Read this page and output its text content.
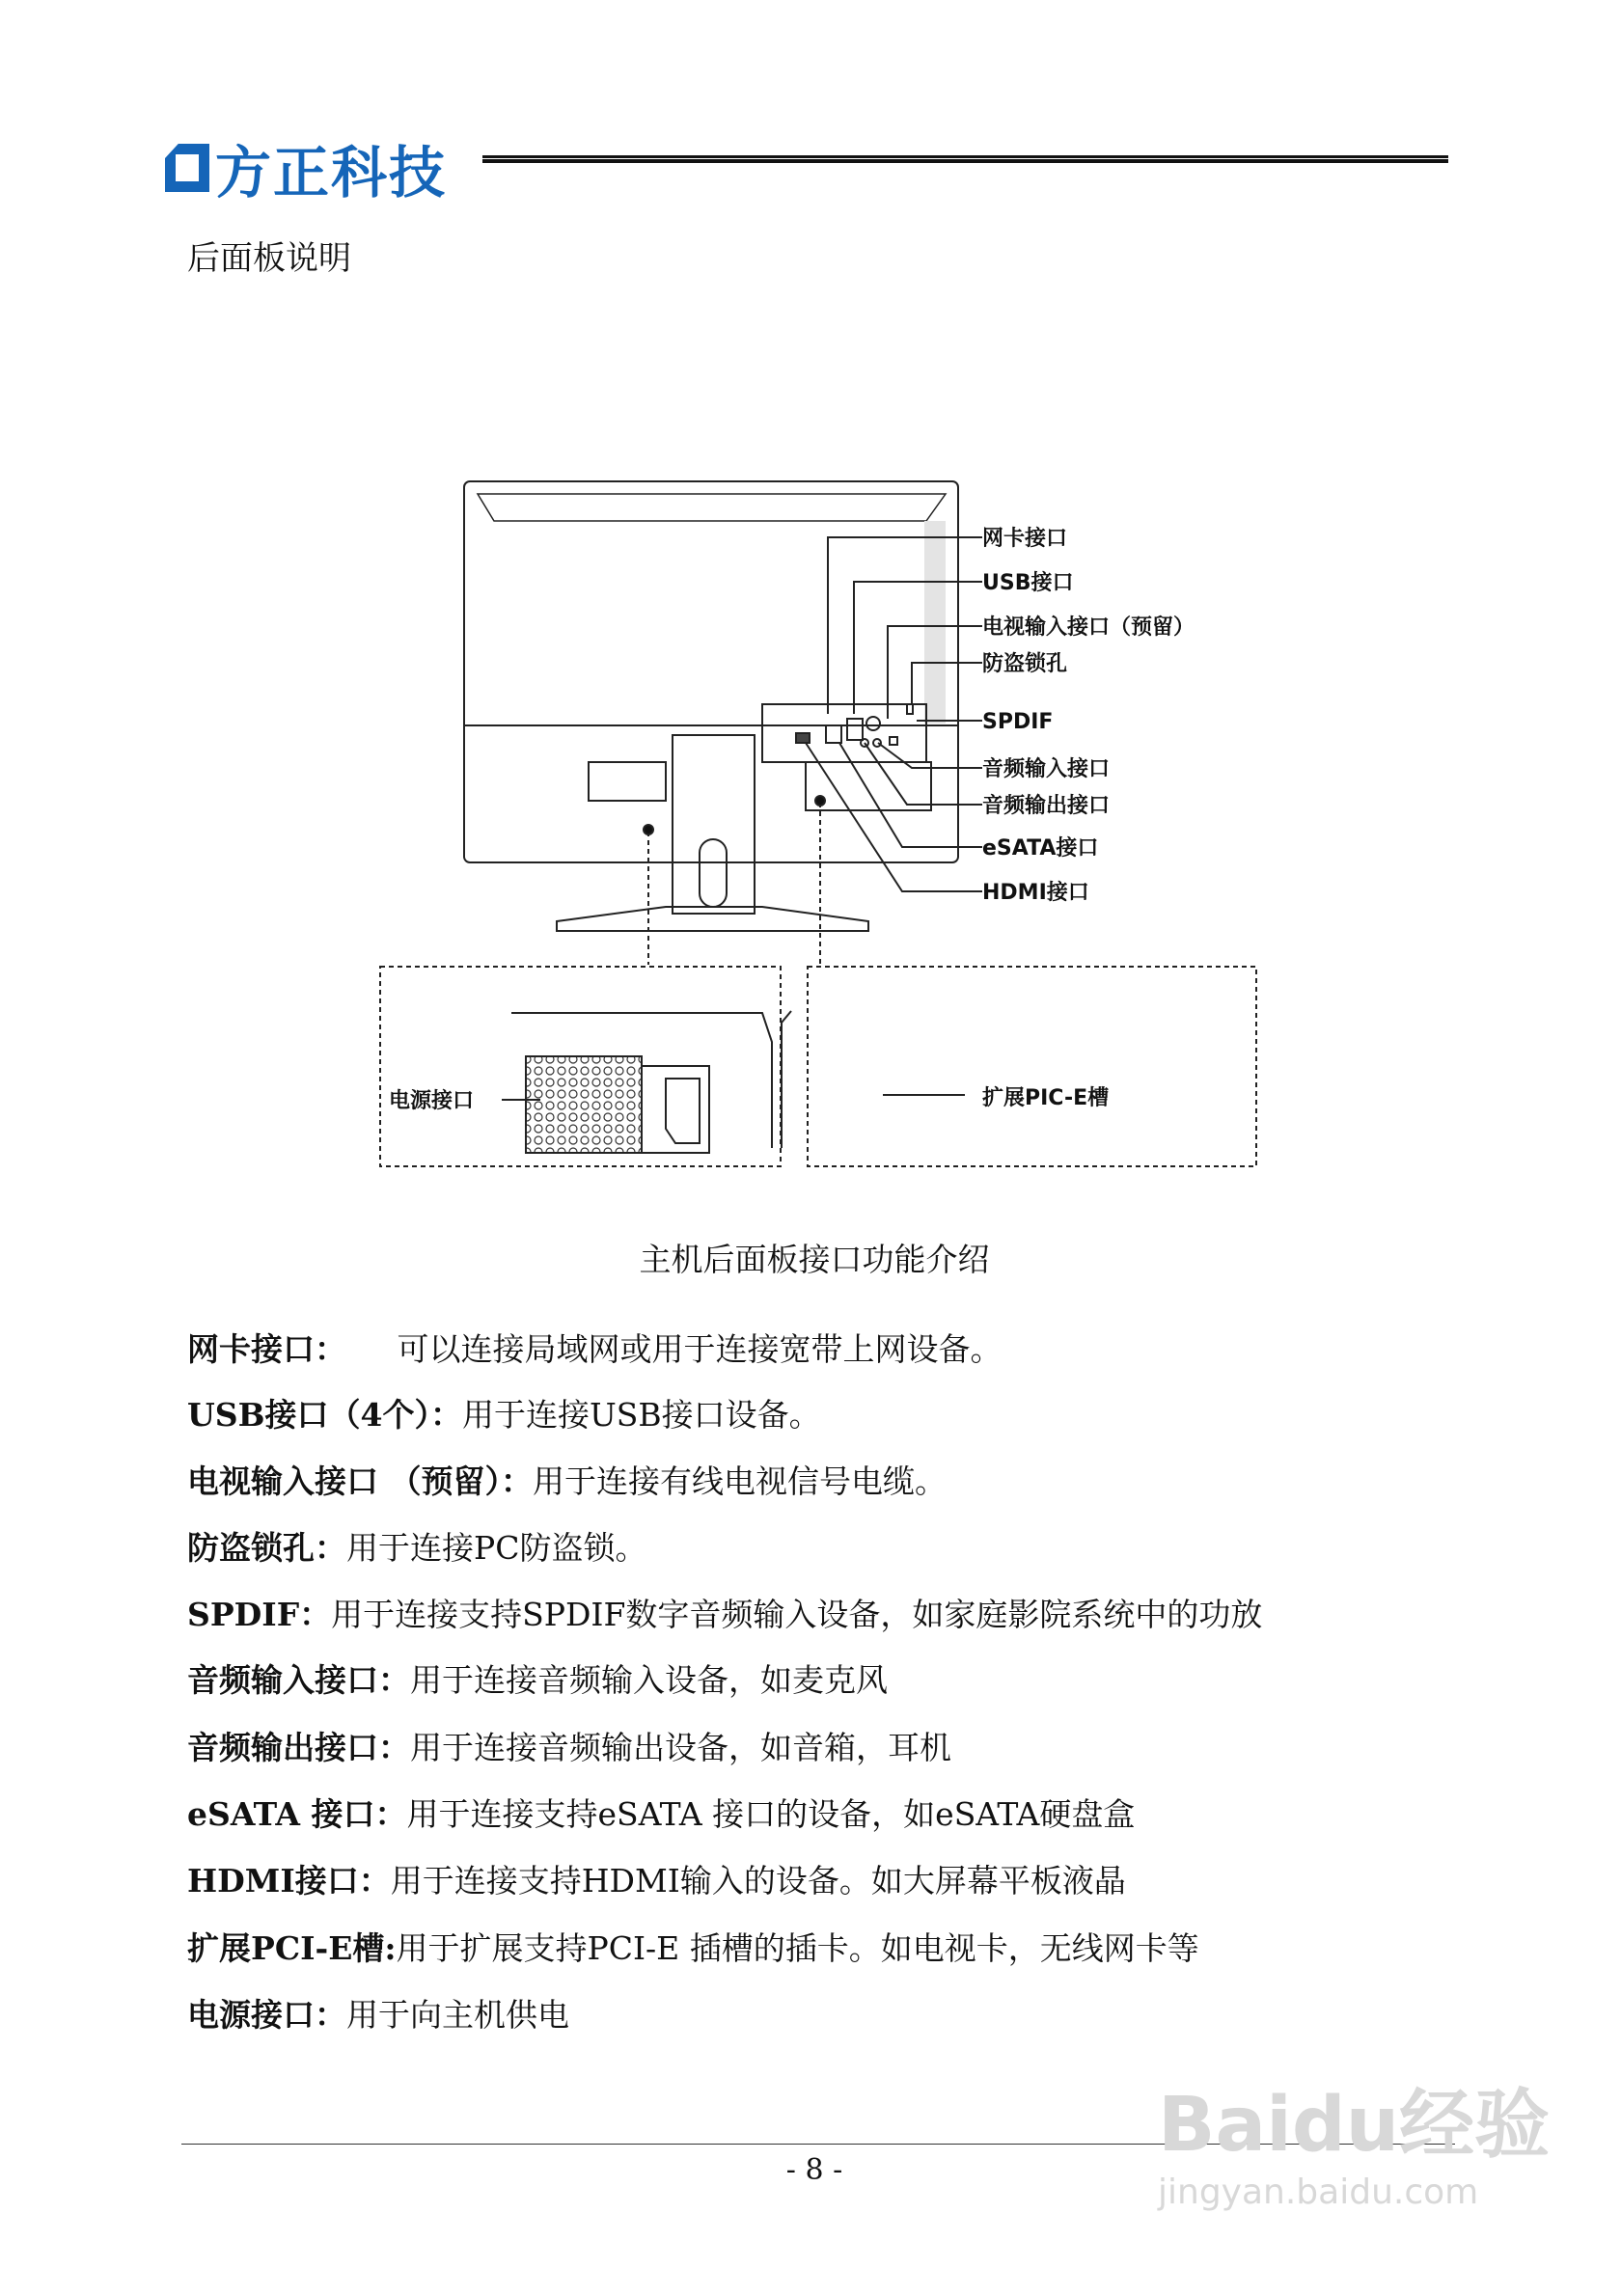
方正科技
后面板说明
网卡接口
USB接口
电视输入接口（预留）
防盗锁孔
SPDIF
音频输入接口
音频输出接口
eSATA接口
HDMI接口
电源接口	扩展PIC-E槽
主机后面板接口功能介绍
网卡接口：     可以连接局域网或用于连接宽带上网设备。
USB接口（4个）：用于连接USB接口设备。
电视输入接口 （预留）：用于连接有线电视信号电缆。
防盗锁孔：用于连接PC防盗锁。
SPDIF：用于连接支持SPDIF数字音频输入设备，如家庭影院系统中的功放
音频输入接口：用于连接音频输入设备，如麦克风
音频输出接口：用于连接音频输出设备，如音箱，耳机
eSATA 接口：用于连接支持eSATA 接口的设备，如eSATA硬盘盒
HDMI接口：用于连接支持HDMI输入的设备。如大屏幕平板液晶
扩展PCI-E槽:用于扩展支持PCI-E 插槽的插卡。如电视卡，无线网卡等
电源接口：用于向主机供电
- 8 -
Baidu经验
jingyan.baidu.com
